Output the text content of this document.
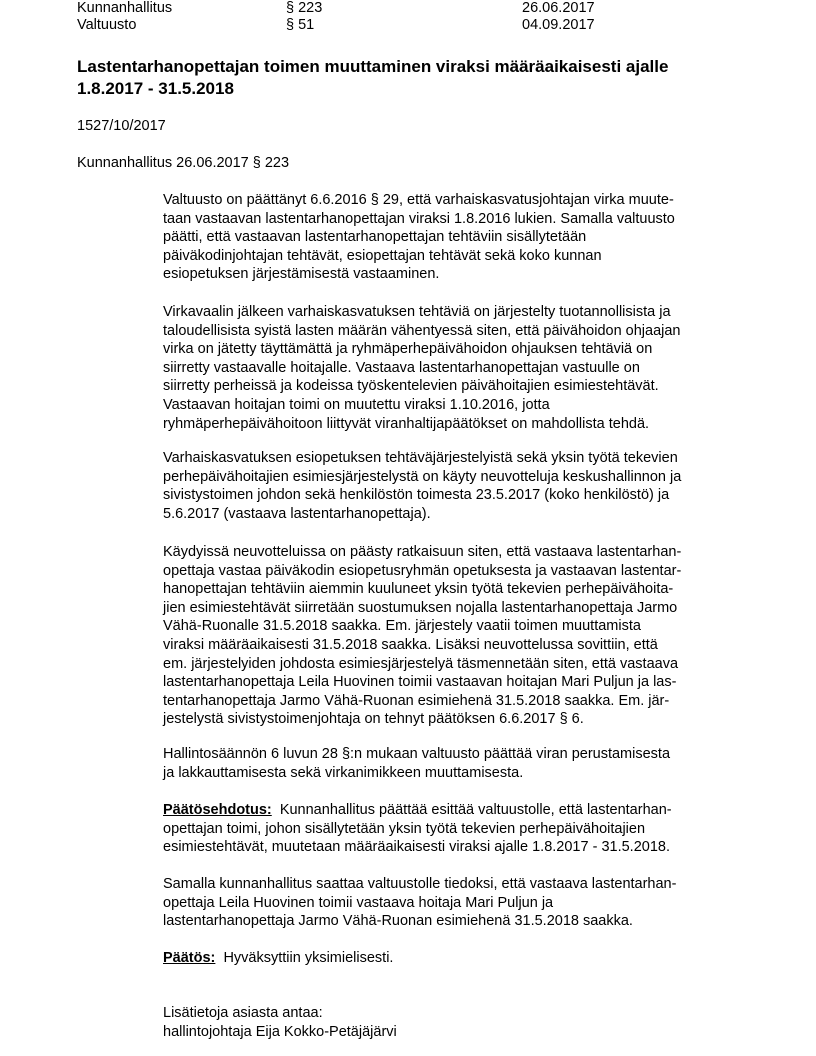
Kunnanhallitus	§ 223	26.06.2017
Valtuusto	§ 51	04.09.2017
Lastentarhanopettajan toimen muuttaminen viraksi määräaikaisesti ajalle
1.8.2017 - 31.5.2018
1527/10/2017
Kunnanhallitus 26.06.2017 § 223
Valtuusto on päättänyt 6.6.2016 § 29, että varhaiskasvatusjohtajan virka muute-
taan vastaavan lastentarhanopettajan viraksi 1.8.2016 lukien. Samalla valtuusto
päätti, että vastaavan lastentarhanopettajan tehtäviin sisällytetään
päiväkodinjohtajan tehtävät, esiopettajan tehtävät sekä koko kunnan
esiopetuksen järjestämisestä vastaaminen.
Virkavaalin jälkeen varhaiskasvatuksen tehtäviä on järjestelty tuotannollisista ja
taloudellisista syistä lasten määrän vähentyessä siten, että päivähoidon ohjaajan
virka on jätetty täyttämättä ja ryhmäperhepäivähoidon ohjauksen tehtäviä on
siirretty vastaavalle hoitajalle. Vastaava lastentarhanopettajan vastuulle on
siirretty perheissä ja kodeissa työskentelevien päivähoitajien esimiestehtävät.
Vastaavan hoitajan toimi on muutettu viraksi 1.10.2016, jotta
ryhmäperhepäivähoitoon liittyvät viranhaltijapäätökset on mahdollista tehdä.
Varhaiskasvatuksen esiopetuksen tehtäväjärjestelyistä sekä yksin työtä tekevien
perhepäivähoitajien esimiesjärjestelystä on käyty neuvotteluja keskushallinnon ja
sivistystoimen johdon sekä henkilöstön toimesta 23.5.2017 (koko henkilöstö) ja
5.6.2017 (vastaava lastentarhanopettaja).
Käydyissä neuvotteluissa on päästy ratkaisuun siten, että vastaava lastentarhan-
opettaja vastaa päiväkodin esiopetusryhmän opetuksesta ja vastaavan lastentar-
hanopettajan tehtäviin aiemmin kuuluneet yksin työtä tekevien perhepäivähoita-
jien esimiestehtävät siirretään suostumuksen nojalla lastentarhanopettaja Jarmo
Vähä-Ruonalle 31.5.2018 saakka. Em. järjestely vaatii toimen muuttamista
viraksi määräaikaisesti 31.5.2018 saakka. Lisäksi neuvottelussa sovittiin, että
em. järjestelyiden johdosta esimiesjärjestelyä täsmennetään siten, että vastaava
lastentarhanopettaja Leila Huovinen toimii vastaavan hoitajan Mari Puljun ja las-
tentarhanopettaja Jarmo Vähä-Ruonan esimiehenä 31.5.2018 saakka. Em. jär-
jestelystä sivistystoimenjohtaja on tehnyt päätöksen 6.6.2017 § 6.
Hallintosäännön 6 luvun 28 §:n mukaan valtuusto päättää viran perustamisesta
ja lakkauttamisesta sekä virkanimikkeen muuttamisesta.
Päätösehdotus:  Kunnanhallitus päättää esittää valtuustolle, että lastentarhan-
opettajan toimi, johon sisällytetään yksin työtä tekevien perhepäivähoitajien
esimiestehtävät, muutetaan määräaikaisesti viraksi ajalle 1.8.2017 - 31.5.2018.
Samalla kunnanhallitus saattaa valtuustolle tiedoksi, että vastaava lastentarhan-
opettaja Leila Huovinen toimii vastaava hoitaja Mari Puljun ja
lastentarhanopettaja Jarmo Vähä-Ruonan esimiehenä 31.5.2018 saakka.
Päätös:  Hyväksyttiin yksimielisesti.
Lisätietoja asiasta antaa:
hallintojohtaja Eija Kokko-Petäjäjärvi
